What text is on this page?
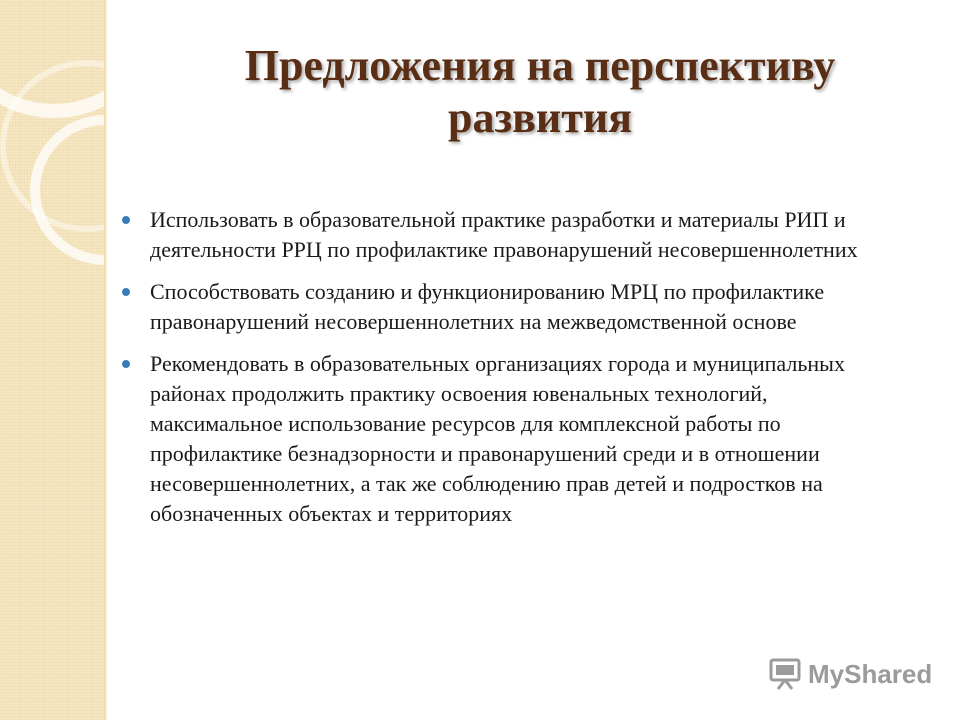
Предложения на перспективу развития
Использовать в образовательной практике разработки и материалы РИП и деятельности РРЦ по профилактике правонарушений несовершеннолетних
Способствовать созданию и функционированию МРЦ по профилактике правонарушений несовершеннолетних на межведомственной основе
Рекомендовать в образовательных организациях города и муниципальных районах продолжить практику освоения ювенальных технологий, максимальное использование ресурсов для комплексной работы по профилактике безнадзорности и правонарушений среди и в отношении несовершеннолетних, а так же соблюдению прав детей и подростков на обозначенных объектах и территориях
MyShared
